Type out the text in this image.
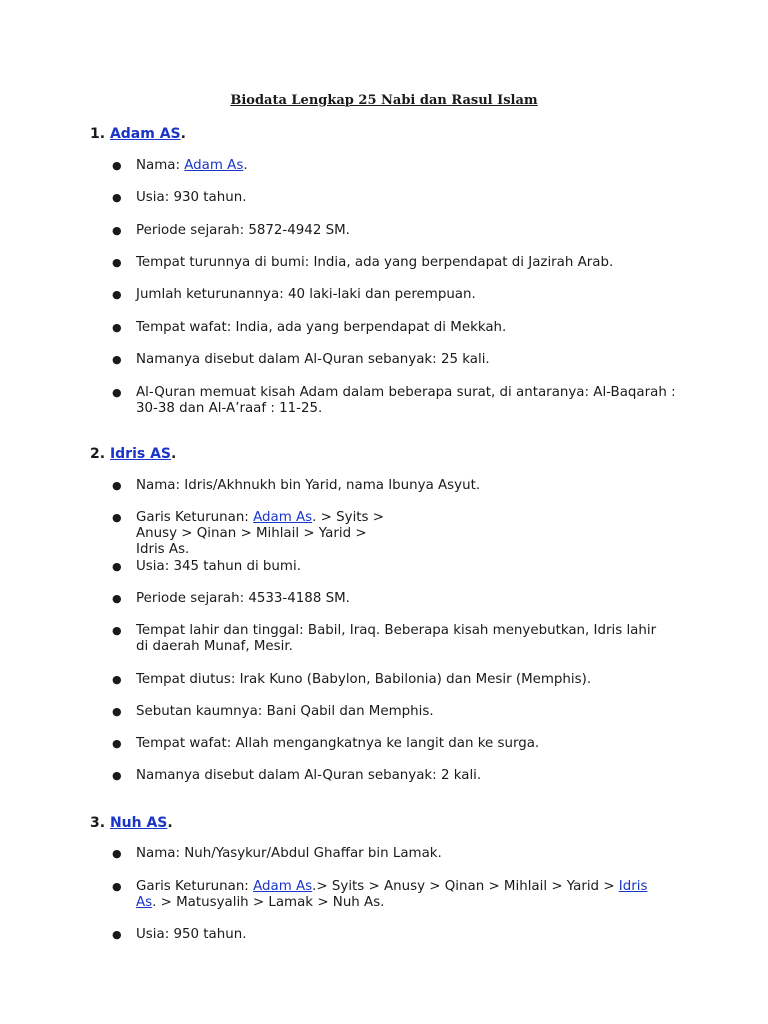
Biodata Lengkap 25 Nabi dan Rasul Islam
1. Adam AS.
● Nama: Adam As.
● Usia: 930 tahun.
● Periode sejarah: 5872-4942 SM.
● Tempat turunnya di bumi: India, ada yang berpendapat di Jazirah Arab.
● Jumlah keturunannya: 40 laki-laki dan perempuan.
● Tempat wafat: India, ada yang berpendapat di Mekkah.
● Namanya disebut dalam Al-Quran sebanyak: 25 kali.
● Al-Quran memuat kisah Adam dalam beberapa surat, di antaranya: Al-Baqarah : 30-38 dan Al-A’raaf : 11-25.
2. Idris AS.
● Nama: Idris/Akhnukh bin Yarid, nama Ibunya Asyut.
● Garis Keturunan: Adam As. > Syits > Anusy > Qinan > Mihlail > Yarid > Idris As.
● Usia: 345 tahun di bumi.
● Periode sejarah: 4533-4188 SM.
● Tempat lahir dan tinggal: Babil, Iraq. Beberapa kisah menyebutkan, Idris lahir di daerah Munaf, Mesir.
● Tempat diutus: Irak Kuno (Babylon, Babilonia) dan Mesir (Memphis).
● Sebutan kaumnya: Bani Qabil dan Memphis.
● Tempat wafat: Allah mengangkatnya ke langit dan ke surga.
● Namanya disebut dalam Al-Quran sebanyak: 2 kali.
3. Nuh AS.
● Nama: Nuh/Yasykur/Abdul Ghaffar bin Lamak.
● Garis Keturunan: Adam As.> Syits > Anusy > Qinan > Mihlail > Yarid > Idris As. > Matusyalih > Lamak > Nuh As.
● Usia: 950 tahun.
